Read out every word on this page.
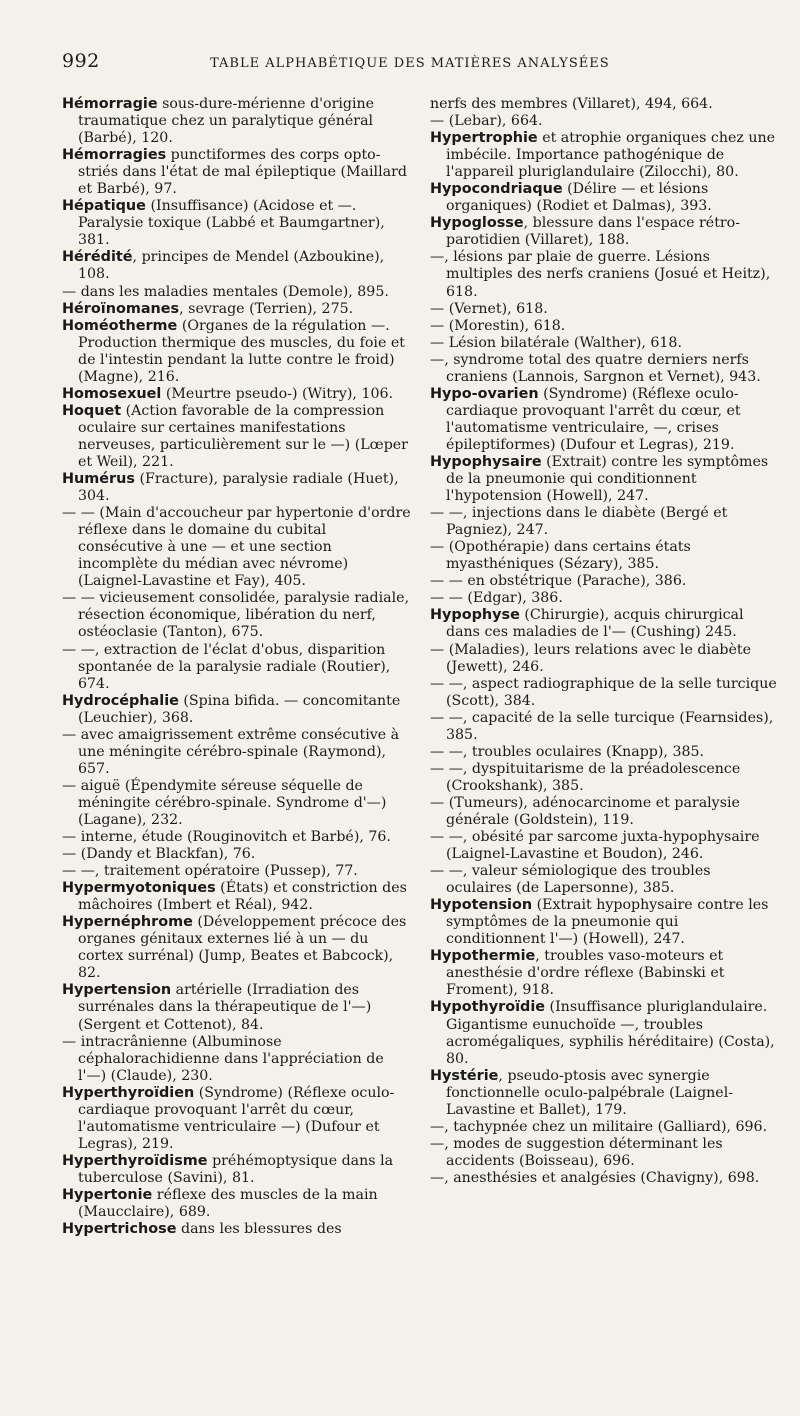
992	TABLE ALPHABÉTIQUE DES MATIÈRES ANALYSÉES

Hémorragie sous-dure-mérienne d'origine traumatique chez un paralytique général (Barbé), 120.

Hémorragies punctiformes des corps opto-striés dans l'état de mal épileptique (Maillard et Barbé), 97.

Hépatique (Insuffisance) (Acidose et —. Paralysie toxique (Labbé et Baumgartner), 381.

Hérédité, principes de Mendel (Azboukine), 108.

— dans les maladies mentales (Demole), 895.

Héroïnomanes, sevrage (Terrien), 275.

Homéotherme (Organes de la régulation —. Production thermique des muscles, du foie et de l'intestin pendant la lutte contre le froid) (Magne), 216.

Homosexuel (Meurtre pseudo-) (Witry), 106.

Hoquet (Action favorable de la compression oculaire sur certaines manifestations nerveuses, particulièrement sur le —) (Lœper et Weil), 221.

Humérus (Fracture), paralysie radiale (Huet), 304.

— — (Main d'accoucheur par hypertonie d'ordre réflexe dans le domaine du cubital consécutive à une — et une section incomplète du médian avec névrome) (Laignel-Lavastine et Fay), 405.

— — vicieusement consolidée, paralysie radiale, résection économique, libération du nerf, ostéoclasie (Tanton), 675.

— —, extraction de l'éclat d'obus, disparition spontanée de la paralysie radiale (Routier), 674.

Hydrocéphalie (Spina bifida. — concomitante (Leuchier), 368.

— avec amaigrissement extrême consécutive à une méningite cérébro-spinale (Raymond), 657.

— aiguë (Épendymite séreuse séquelle de méningite cérébro-spinale. Syndrome d'—) (Lagane), 232.

— interne, étude (Rouginovitch et Barbé), 76.

— (Dandy et Blackfan), 76.

— —, traitement opératoire (Pussep), 77.

Hypermyotoniques (États) et constriction des mâchoires (Imbert et Réal), 942.

Hypernéphrome (Développement précoce des organes génitaux externes lié à un — du cortex surrénal) (Jump, Beates et Babcock), 82.

Hypertension artérielle (Irradiation des surrénales dans la thérapeutique de l'—) (Sergent et Cottenot), 84.

— intracrânienne (Albuminose céphalorachidienne dans l'appréciation de l'—) (Claude), 230.

Hyperthyroïdien (Syndrome) (Réflexe oculo-cardiaque provoquant l'arrêt du cœur, l'automatisme ventriculaire —) (Dufour et Legras), 219.

Hyperthyroïdisme préhémoptysique dans la tuberculose (Savini), 81.

Hypertonie réflexe des muscles de la main (Maucclaire), 689.

Hypertrichose dans les blessures des

nerfs des membres (Villaret), 494, 664.

— (Lebar), 664.

Hypertrophie et atrophie organiques chez une imbécile. Importance pathogénique de l'appareil pluriglandulaire (Zilocchi), 80.

Hypocondriaque (Délire — et lésions organiques) (Rodiet et Dalmas), 393.

Hypoglosse, blessure dans l'espace rétro-parotidien (Villaret), 188.

—, lésions par plaie de guerre. Lésions multiples des nerfs craniens (Josué et Heitz), 618.

— (Vernet), 618.

— (Morestin), 618.

— Lésion bilatérale (Walther), 618.

—, syndrome total des quatre derniers nerfs craniens (Lannois, Sargnon et Vernet), 943.

Hypo-ovarien (Syndrome) (Réflexe oculo-cardiaque provoquant l'arrêt du cœur, et l'automatisme ventriculaire, —, crises épileptiformes) (Dufour et Legras), 219.

Hypophysaire (Extrait) contre les symptômes de la pneumonie qui conditionnent l'hypotension (Howell), 247.

— —, injections dans le diabète (Bergé et Pagniez), 247.

— (Opothérapie) dans certains états myasthéniques (Sézary), 385.

— — en obstétrique (Parache), 386.

— — (Edgar), 386.

Hypophyse (Chirurgie), acquis chirurgical dans ces maladies de l'— (Cushing) 245.

— (Maladies), leurs relations avec le diabète (Jewett), 246.

— —, aspect radiographique de la selle turcique (Scott), 384.

— —, capacité de la selle turcique (Fearnsides), 385.

— —, troubles oculaires (Knapp), 385.

— —, dyspituitarisme de la préadolescence (Crookshank), 385.

— (Tumeurs), adénocarcinome et paralysie générale (Goldstein), 119.

— —, obésité par sarcome juxta-hypophysaire (Laignel-Lavastine et Boudon), 246.

— —, valeur sémiologique des troubles oculaires (de Lapersonne), 385.

Hypotension (Extrait hypophysaire contre les symptômes de la pneumonie qui conditionnent l'—) (Howell), 247.

Hypothermie, troubles vaso-moteurs et anesthésie d'ordre réflexe (Babinski et Froment), 918.

Hypothyroïdie (Insuffisance pluriglandulaire. Gigantisme eunuchoïde —, troubles acromégaliques, syphilis héréditaire) (Costa), 80.

Hystérie, pseudo-ptosis avec synergie fonctionnelle oculo-palpébrale (Laignel-Lavastine et Ballet), 179.

—, tachypnée chez un militaire (Galliard), 696.

—, modes de suggestion déterminant les accidents (Boisseau), 696.

—, anesthésies et analgésies (Chavigny), 698.
